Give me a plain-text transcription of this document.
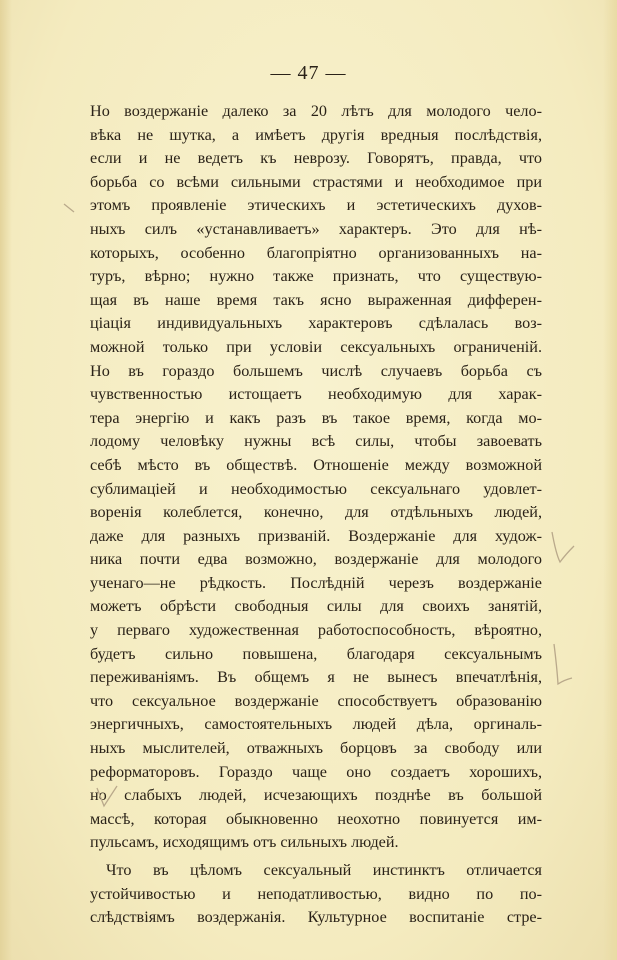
— 47 —
Но воздержаніе далеко за 20 лѣтъ для молодого чело-
вѣка не шутка, а имѣетъ другія вредныя послѣдствія,
если и не ведетъ къ неврозу. Говорятъ, правда, что
борьба со всѣми сильными страстями и необходимое при
этомъ проявленіе этическихъ и эстетическихъ духов-
ныхъ силъ «устанавливаетъ» характеръ. Это для нѣ-
которыхъ, особенно благопріятно организованныхъ на-
туръ, вѣрно; нужно также признать, что существую-
щая въ наше время такъ ясно выраженная дифферен-
ціація индивидуальныхъ характеровъ сдѣлалась воз-
можной только при условіи сексуальныхъ ограниченій.
Но въ гораздо большемъ числѣ случаевъ борьба съ
чувственностью истощаетъ необходимую для харак-
тера энергію и какъ разъ въ такое время, когда мо-
лодому человѣку нужны всѣ силы, чтобы завоевать
себѣ мѣсто въ обществѣ. Отношеніе между возможной
сублимаціей и необходимостью сексуальнаго удовлет-
воренія колеблется, конечно, для отдѣльныхъ людей,
даже для разныхъ призваній. Воздержаніе для худож-
ника почти едва возможно, воздержаніе для молодого
ученаго—не рѣдкость. Послѣдній черезъ воздержаніе
можетъ обрѣсти свободныя силы для своихъ занятій,
у перваго художественная работоспособность, вѣроятно,
будетъ сильно повышена, благодаря сексуальнымъ
переживаніямъ. Въ общемъ я не вынесъ впечатлѣнія,
что сексуальное воздержаніе способствуетъ образованію
энергичныхъ, самостоятельныхъ людей дѣла, оргиналь-
ныхъ мыслителей, отважныхъ борцовъ за свободу или
реформаторовъ. Гораздо чаще оно создаетъ хорошихъ,
но слабыхъ людей, исчезающихъ позднѣе въ большой
массѣ, которая обыкновенно неохотно повинуется им-
пульсамъ, исходящимъ отъ сильныхъ людей.
Что въ цѣломъ сексуальный инстинктъ отличается
устойчивостью и неподатливостью, видно по по-
слѣдствіямъ воздержанія. Культурное воспитаніе стре-
